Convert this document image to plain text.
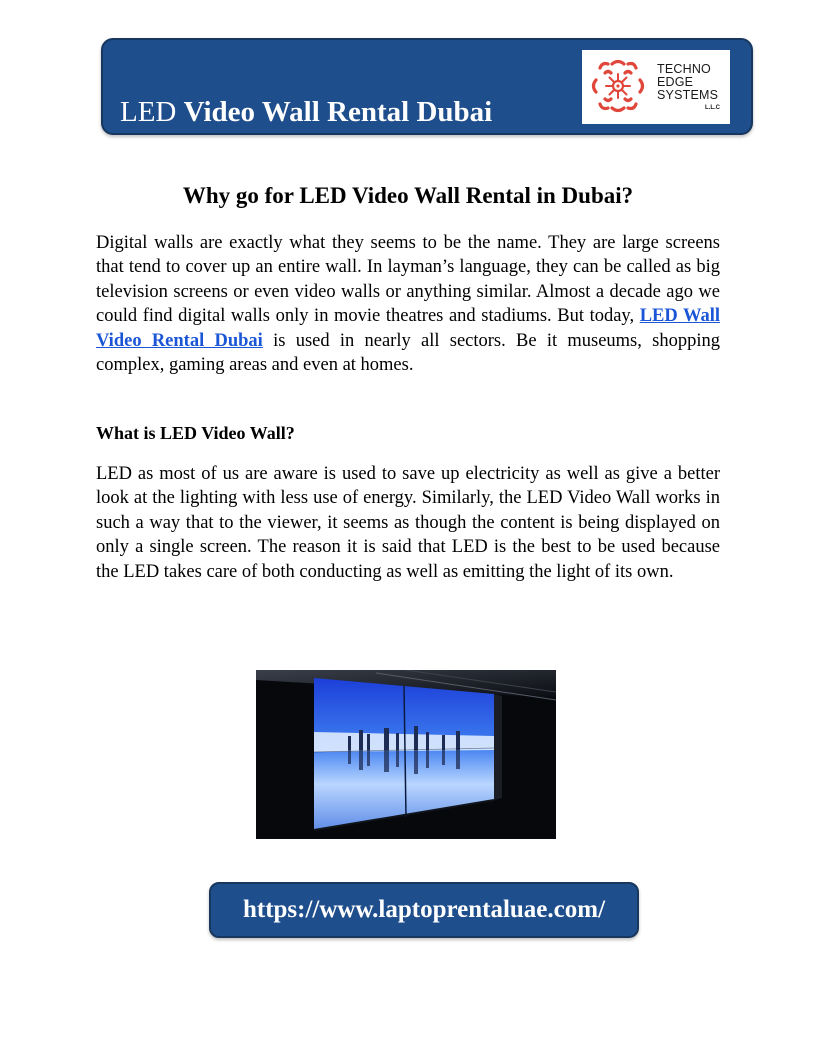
LED Video Wall Rental Dubai
TECHNO
EDGE
SYSTEMS
L.L.C
Why go for LED Video Wall Rental in Dubai?

Digital walls are exactly what they seems to be the name. They are large screens that tend to cover up an entire wall. In layman’s language, they can be called as big television screens or even video walls or anything similar. Almost a decade ago we could find digital walls only in movie theatres and stadiums. But today, LED Wall Video Rental Dubai is used in nearly all sectors. Be it museums, shopping complex, gaming areas and even at homes.

What is LED Video Wall?

LED as most of us are aware is used to save up electricity as well as give a better look at the lighting with less use of energy. Similarly, the LED Video Wall works in such a way that to the viewer, it seems as though the content is being displayed on only a single screen. The reason it is said that LED is the best to be used because the LED takes care of both conducting as well as emitting the light of its own.

https://www.laptoprentaluae.com/
